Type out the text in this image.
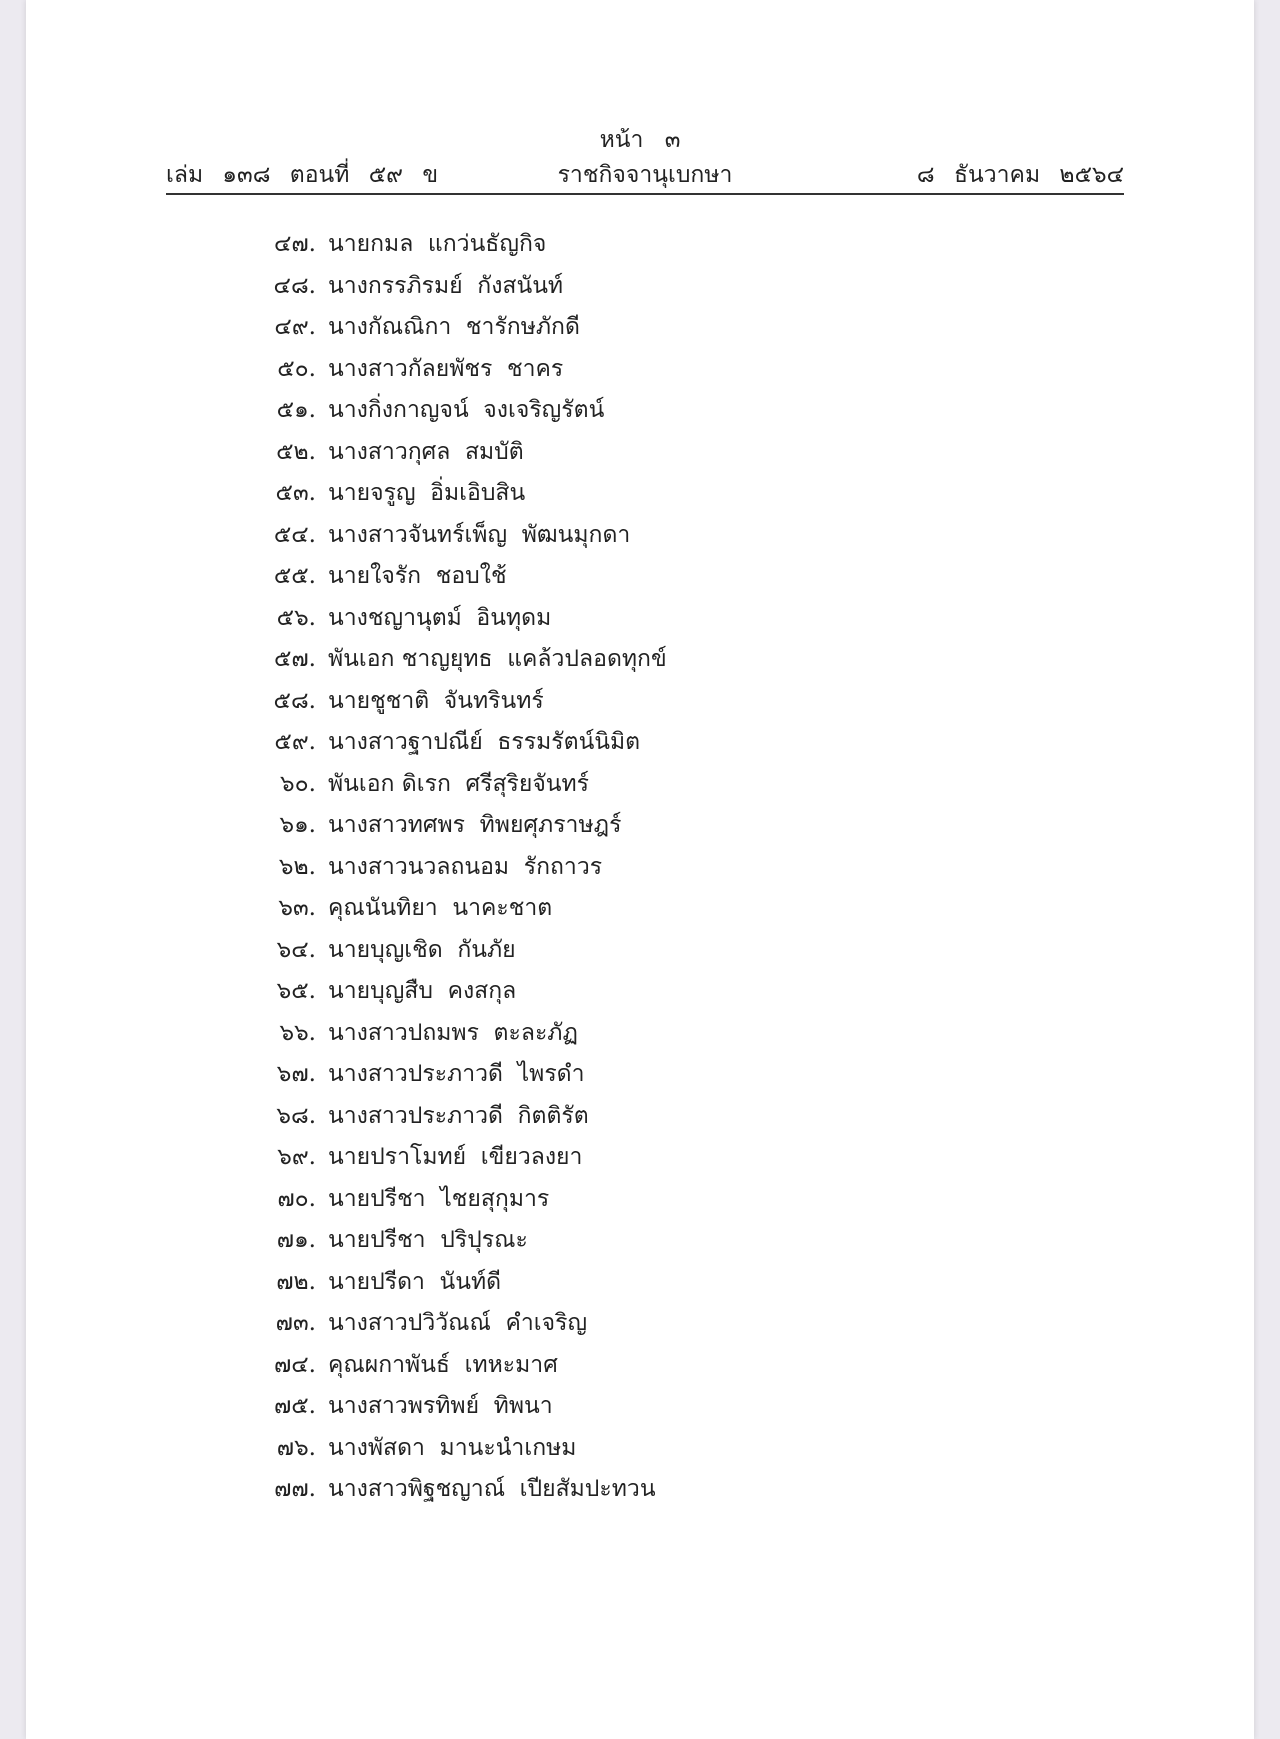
หน้า ๓
เล่ม ๑๓๘ ตอนที่ ๕๙ ข	ราชกิจจานุเบกษา	๘ ธันวาคม ๒๕๖๔
๔๗. นายกมล  แกว่นธัญกิจ
๔๘. นางกรรภิรมย์  กังสนันท์
๔๙. นางกัณณิกา  ชารักษภักดี
๕๐. นางสาวกัลยพัชร  ชาคร
๕๑. นางกิ่งกาญจน์  จงเจริญรัตน์
๕๒. นางสาวกุศล  สมบัติ
๕๓. นายจรูญ  อิ่มเอิบสิน
๕๔. นางสาวจันทร์เพ็ญ  พัฒนมุกดา
๕๕. นายใจรัก  ชอบใช้
๕๖. นางชญานุตม์  อินทุดม
๕๗. พันเอก ชาญยุทธ  แคล้วปลอดทุกข์
๕๘. นายชูชาติ  จันทรินทร์
๕๙. นางสาวฐาปณีย์  ธรรมรัตน์นิมิต
๖๐. พันเอก ดิเรก  ศรีสุริยจันทร์
๖๑. นางสาวทศพร  ทิพยศุภราษฎร์
๖๒. นางสาวนวลถนอม  รักถาวร
๖๓. คุณนันทิยา  นาคะชาต
๖๔. นายบุญเชิด  กันภัย
๖๕. นายบุญสืบ  คงสกุล
๖๖. นางสาวปถมพร  ตะละภัฏ
๖๗. นางสาวประภาวดี  ไพรดำ
๖๘. นางสาวประภาวดี  กิตติรัต
๖๙. นายปราโมทย์  เขียวลงยา
๗๐. นายปรีชา  ไชยสุกุมาร
๗๑. นายปรีชา  ปริปุรณะ
๗๒. นายปรีดา  นันท์ดี
๗๓. นางสาวปวิวัณณ์  คำเจริญ
๗๔. คุณผกาพันธ์  เทหะมาศ
๗๕. นางสาวพรทิพย์  ทิพนา
๗๖. นางพัสดา  มานะนำเกษม
๗๗. นางสาวพิฐชญาณ์  เปียสัมปะทวน
